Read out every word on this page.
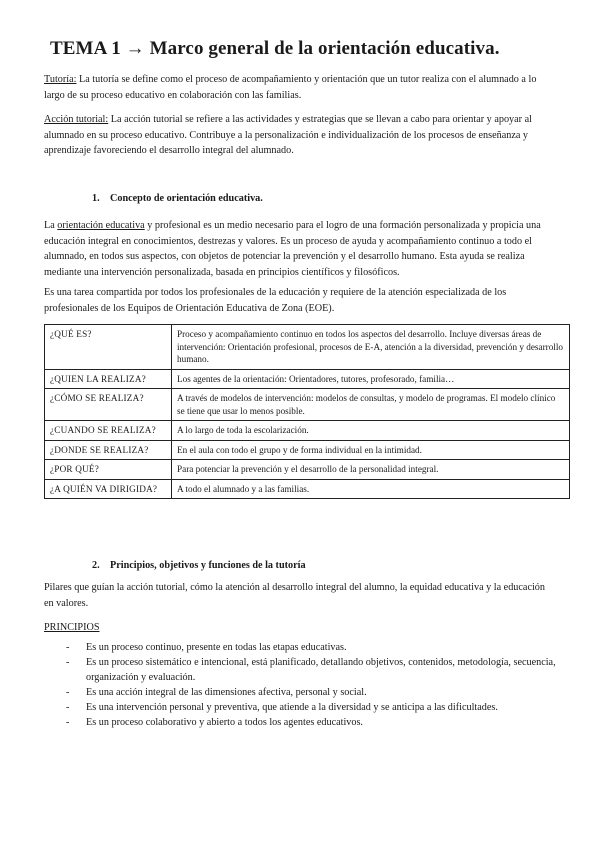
TEMA 1 → Marco general de la orientación educativa.

Tutoría: La tutoría se define como el proceso de acompañamiento y orientación que un tutor realiza con el alumnado a lo largo de su proceso educativo en colaboración con las familias.

Acción tutorial: La acción tutorial se refiere a las actividades y estrategias que se llevan a cabo para orientar y apoyar al alumnado en su proceso educativo. Contribuye a la personalización e individualización de los procesos de enseñanza y aprendizaje favoreciendo el desarrollo integral del alumnado.

1. Concepto de orientación educativa.

La orientación educativa y profesional es un medio necesario para el logro de una formación personalizada y propicia una educación integral en conocimientos, destrezas y valores. Es un proceso de ayuda y acompañamiento continuo a todo el alumnado, en todos sus aspectos, con objetos de potenciar la prevención y el desarrollo humano. Esta ayuda se realiza mediante una intervención personalizada, basada en principios científicos y filosóficos.

Es una tarea compartida por todos los profesionales de la educación y requiere de la atención especializada de los profesionales de los Equipos de Orientación Educativa de Zona (EOE).

¿QUÉ ES?	Proceso y acompañamiento continuo en todos los aspectos del desarrollo. Incluye diversas áreas de intervención: Orientación profesional, procesos de E-A, atención a la diversidad, prevención y desarrollo humano.
¿QUIEN LA REALIZA?	Los agentes de la orientación: Orientadores, tutores, profesorado, familia…
¿CÓMO SE REALIZA?	A través de modelos de intervención: modelos de consultas, y modelo de programas. El modelo clínico se tiene que usar lo menos posible.
¿CUANDO SE REALIZA?	A lo largo de toda la escolarización.
¿DONDE SE REALIZA?	En el aula con todo el grupo y de forma individual en la intimidad.
¿POR QUÉ?	Para potenciar la prevención y el desarrollo de la personalidad integral.
¿A QUIÉN VA DIRIGIDA?	A todo el alumnado y a las familias.
2. Principios, objetivos y funciones de la tutoría

Pilares que guían la acción tutorial, cómo la atención al desarrollo integral del alumno, la equidad educativa y la educación en valores.

PRINCIPIOS
- Es un proceso continuo, presente en todas las etapas educativas.
- Es un proceso sistemático e intencional, está planificado, detallando objetivos, contenidos, metodología, secuencia, organización y evaluación.
- Es una acción integral de las dimensiones afectiva, personal y social.
- Es una intervención personal y preventiva, que atiende a la diversidad y se anticipa a las dificultades.
- Es un proceso colaborativo y abierto a todos los agentes educativos.
